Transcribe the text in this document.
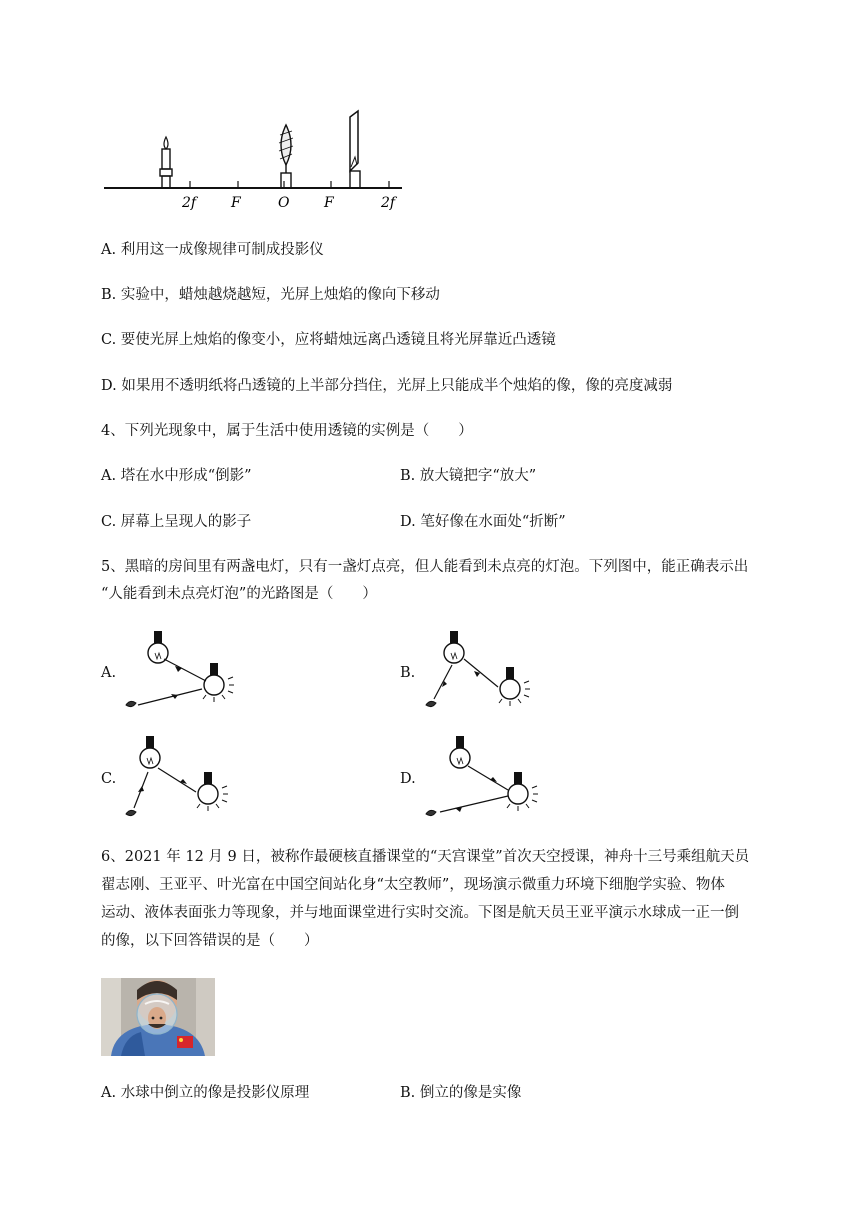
2f F	O F	2f
A. 利用这一成像规律可制成投影仪
B. 实验中，蜡烛越烧越短，光屏上烛焰的像向下移动
C. 要使光屏上烛焰的像变小，应将蜡烛远离凸透镜且将光屏靠近凸透镜
D. 如果用不透明纸将凸透镜的上半部分挡住，光屏上只能成半个烛焰的像，像的亮度减弱
4、下列光现象中，属于生活中使用透镜的实例是（　　）
A. 塔在水中形成“倒影”	B. 放大镜把字“放大”
C. 屏幕上呈现人的影子	D. 笔好像在水面处“折断”
5、黑暗的房间里有两盏电灯，只有一盏灯点亮，但人能看到未点亮的灯泡。下列图中，能正确表示出
“人能看到未点亮灯泡”的光路图是（　　）
A.	B.
C.	D.
6、2021 年 12 月 9 日，被称作最硬核直播课堂的“天宫课堂”首次天空授课，神舟十三号乘组航天员
翟志刚、王亚平、叶光富在中国空间站化身“太空教师”，现场演示微重力环境下细胞学实验、物体
运动、液体表面张力等现象，并与地面课堂进行实时交流。下图是航天员王亚平演示水球成一正一倒
的像，以下回答错误的是（　　）
A. 水球中倒立的像是投影仪原理	B. 倒立的像是实像
